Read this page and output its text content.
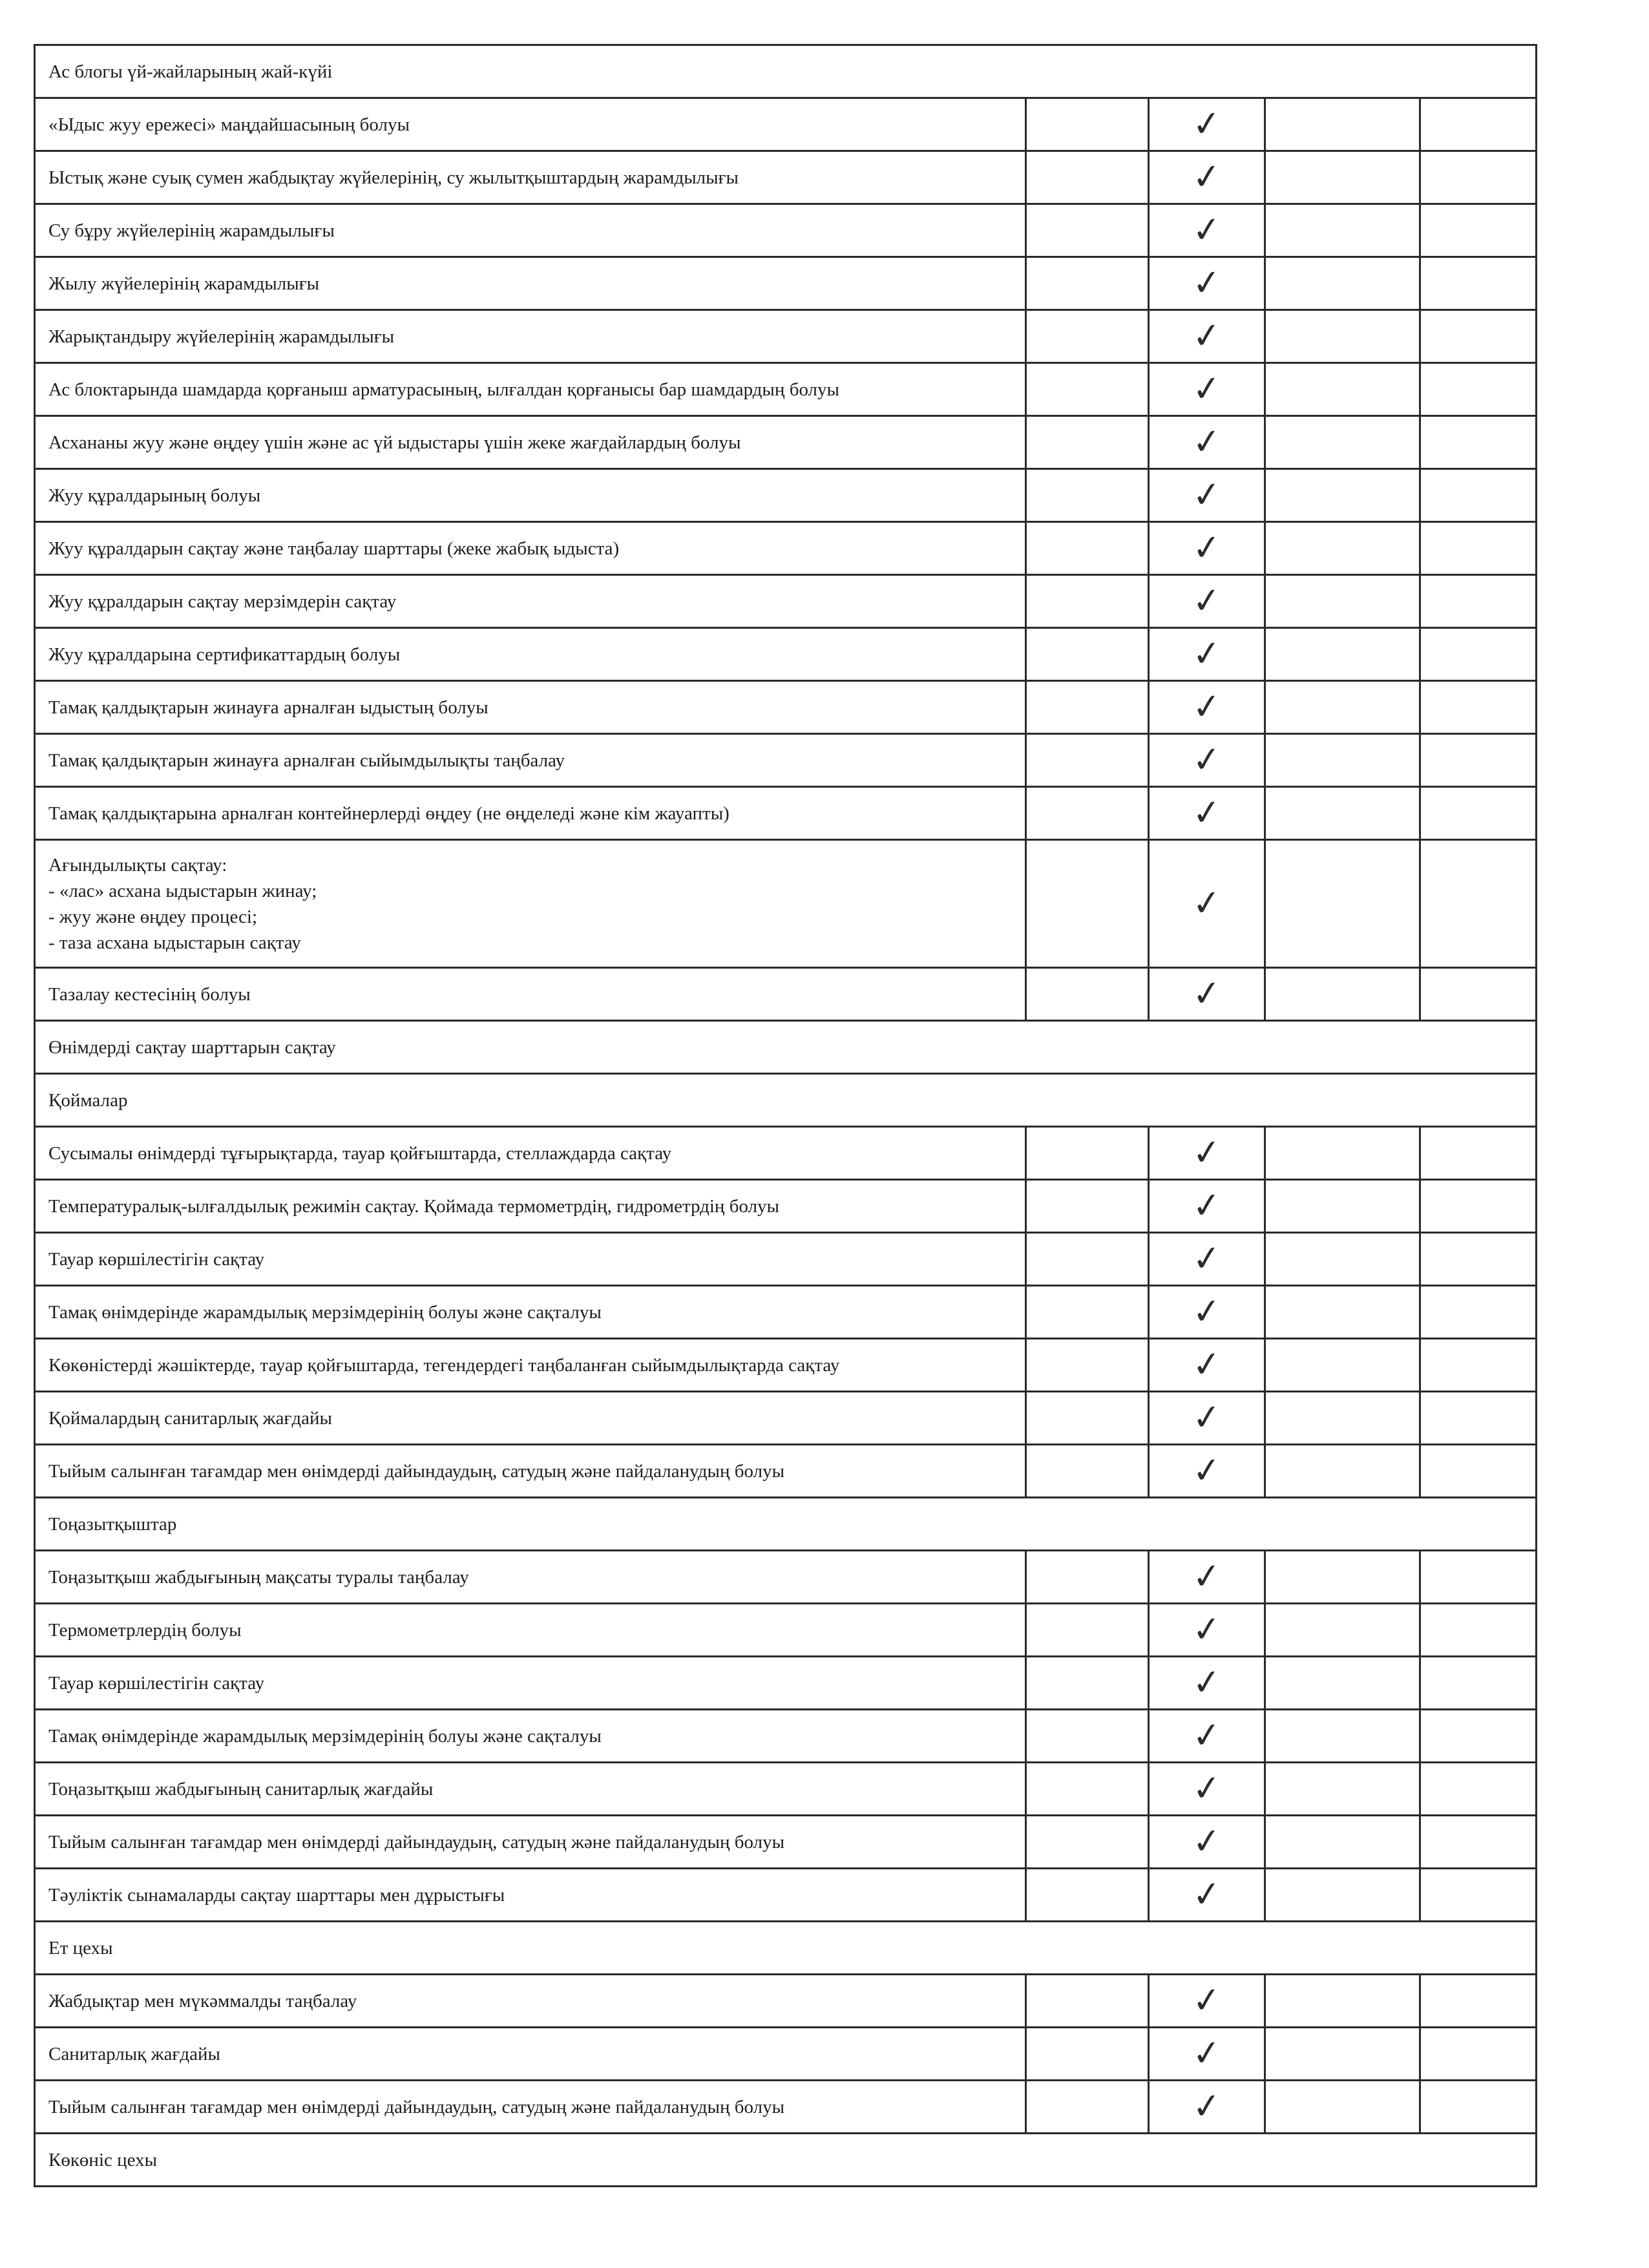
Ас блогы үй-жайларының жай-күйі				
«Ыдыс жуу ережесі» маңдайшасының болуы		✓		
Ыстық және суық сумен жабдықтау жүйелерінің, су жылытқыштардың жарамдылығы		✓		
Су бұру жүйелерінің жарамдылығы		✓		
Жылу жүйелерінің жарамдылығы		✓		
Жарықтандыру жүйелерінің жарамдылығы		✓		
Ас блоктарында шамдарда қорғаныш арматурасының, ылғалдан қорғанысы бар шамдардың болуы		✓		
Асхананы жуу және өңдеу үшін және ас үй ыдыстары үшін жеке жағдайлардың болуы		✓		
Жуу құралдарының болуы		✓		
Жуу құралдарын сақтау және таңбалау шарттары (жеке жабық ыдыста)		✓		
Жуу құралдарын сақтау мерзімдерін сақтау		✓		
Жуу құралдарына сертификаттардың болуы		✓		
Тамақ қалдықтарын жинауға арналған ыдыстың болуы		✓		
Тамақ қалдықтарын жинауға арналған сыйымдылықты таңбалау		✓		
Тамақ қалдықтарына арналған контейнерлерді өңдеу (не өңделеді және кім жауапты)		✓		
Ағындылықты сақтау:
- «лас» асхана ыдыстарын жинау;
- жуу және өңдеу процесі;
- таза асхана ыдыстарын сақтау		✓		
Тазалау кестесінің болуы		✓		
Өнімдерді сақтау шарттарын сақтау				
Қоймалар				
Сусымалы өнімдерді тұғырықтарда, тауар қойғыштарда, стеллаждарда сақтау		✓		
Температуралық-ылғалдылық режимін сақтау. Қоймада термометрдің, гидрометрдің болуы		✓		
Тауар көршілестігін сақтау		✓		
Тамақ өнімдерінде жарамдылық мерзімдерінің болуы және сақталуы		✓		
Көкөністерді жәшіктерде, тауар қойғыштарда, тегендердегі таңбаланған сыйымдылықтарда сақтау		✓		
Қоймалардың санитарлық жағдайы		✓		
Тыйым салынған тағамдар мен өнімдерді дайындаудың, сатудың және пайдаланудың болуы		✓		
Тоңазытқыштар				
Тоңазытқыш жабдығының мақсаты туралы таңбалау		✓		
Термометрлердің болуы		✓		
Тауар көршілестігін сақтау		✓		
Тамақ өнімдерінде жарамдылық мерзімдерінің болуы және сақталуы		✓		
Тоңазытқыш жабдығының санитарлық жағдайы		✓		
Тыйым салынған тағамдар мен өнімдерді дайындаудың, сатудың және пайдаланудың болуы		✓		
Тәуліктік сынамаларды сақтау шарттары мен дұрыстығы		✓		
Ет цехы				
Жабдықтар мен мүкәммалды таңбалау		✓		
Санитарлық жағдайы		✓		
Тыйым салынған тағамдар мен өнімдерді дайындаудың, сатудың және пайдаланудың болуы		✓		
Көкөніс цехы				
